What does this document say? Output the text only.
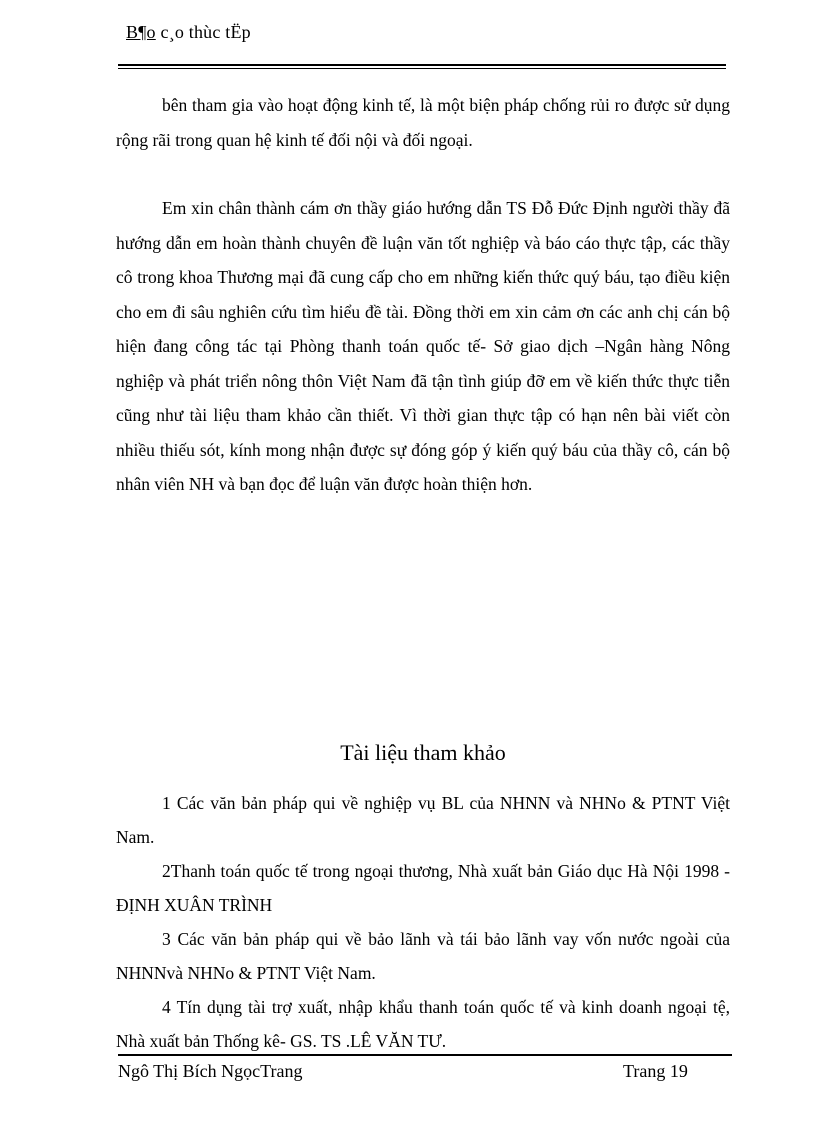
B¶o c¸o thùc tËp

bên tham gia vào hoạt động kinh tế, là một biện pháp chống rủi ro được sử dụng rộng rãi trong quan hệ kinh tế đối nội và đối ngoại.

Em xin chân thành cám ơn thầy giáo hướng dẫn TS Đỗ Đức Định người thầy đã hướng dẫn em hoàn thành chuyên đề luận văn tốt nghiệp và báo cáo thực tập, các thầy cô trong khoa Thương mại đã cung cấp cho em những kiến thức quý báu, tạo điều kiện cho em đi sâu nghiên cứu tìm hiểu đề tài. Đồng thời em xin cảm ơn các anh chị cán bộ hiện đang công tác tại Phòng thanh toán quốc tế- Sở giao dịch –Ngân hàng Nông nghiệp và phát triển nông thôn Việt Nam đã tận tình giúp đỡ em về kiến thức thực tiễn cũng như tài liệu tham khảo cần thiết. Vì thời gian thực tập có hạn nên bài viết còn nhiều thiếu sót, kính mong nhận được sự đóng góp ý kiến quý báu của thầy cô, cán bộ nhân viên NH và bạn đọc để luận văn được hoàn thiện hơn.

Tài liệu tham khảo

1 Các văn bản pháp qui về nghiệp vụ BL của NHNN và NHNo & PTNT Việt Nam.

2Thanh toán quốc tế trong ngoại thương, Nhà xuất bản Giáo dục Hà Nội 1998 - ĐỊNH XUÂN TRÌNH

3 Các văn bản pháp qui về bảo lãnh và tái bảo lãnh vay vốn nước ngoài của NHNNvà NHNo & PTNT Việt Nam.

4 Tín dụng tài trợ xuất, nhập khẩu thanh toán quốc tế và kinh doanh ngoại tệ, Nhà xuất bản Thống kê- GS. TS .LÊ VĂN TƯ.

Ngô Thị Bích NgọcTrang	Trang 19
